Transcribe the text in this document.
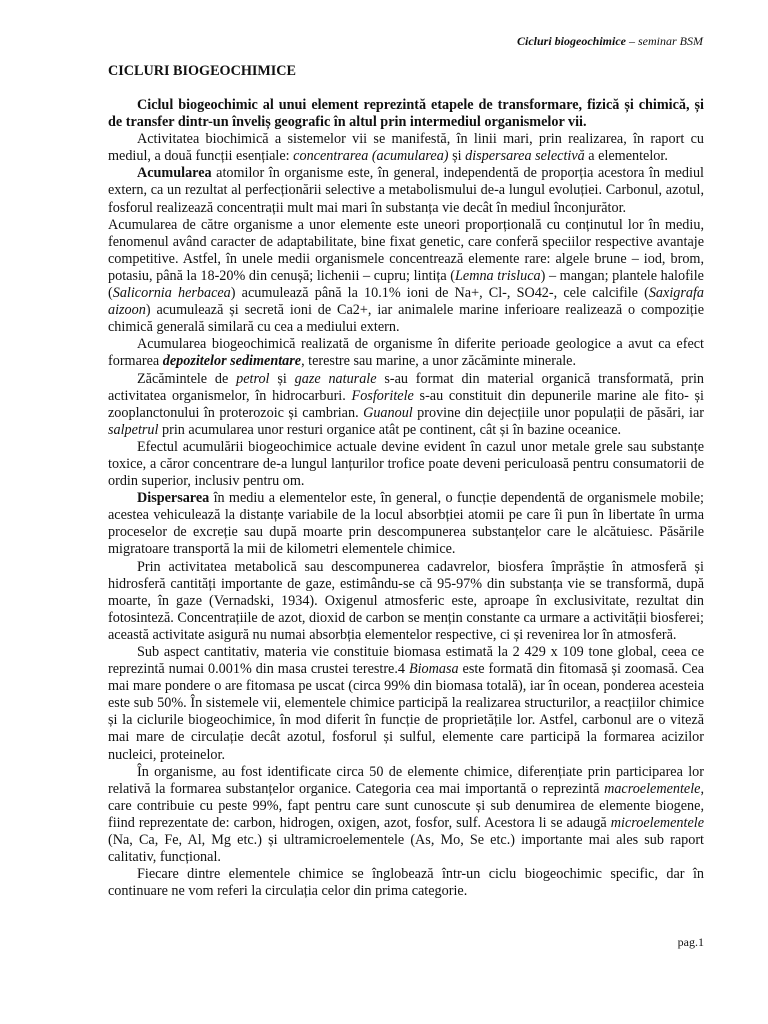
Cicluri biogeochimice – seminar BSM
CICLURI BIOGEOCHIMICE

Ciclul biogeochimic al unui element reprezintă etapele de transformare, fizică și chimică, și de transfer dintr-un înveliș geografic în altul prin intermediul organismelor vii.

Activitatea biochimică a sistemelor vii se manifestă, în linii mari, prin realizarea, în raport cu mediul, a două funcții esențiale: concentrarea (acumularea) și dispersarea selectivă a elementelor.

Acumularea atomilor în organisme este, în general, independentă de proporția acestora în mediul extern, ca un rezultat al perfecționării selective a metabolismului de-a lungul evoluției. Carbonul, azotul, fosforul realizează concentrații mult mai mari în substanța vie decât în mediul înconjurător.

Acumularea de către organisme a unor elemente este uneori proporțională cu conținutul lor în mediu, fenomenul având caracter de adaptabilitate, bine fixat genetic, care conferă speciilor respective avantaje competitive. Astfel, în unele medii organismele concentrează elemente rare: algele brune – iod, brom, potasiu, până la 18-20% din cenușă; lichenii – cupru; lintița (Lemna trisluca) – mangan; plantele halofile (Salicornia herbacea) acumulează până la 10.1% ioni de Na+, Cl-, SO42-, cele calcifile (Saxigrafa aizoon) acumulează și secretă ioni de Ca2+, iar animalele marine inferioare realizează o compoziție chimică generală similară cu cea a mediului extern.

Acumularea biogeochimică realizată de organisme în diferite perioade geologice a avut ca efect formarea depozitelor sedimentare, terestre sau marine, a unor zăcăminte minerale.

Zăcămintele de petrol și gaze naturale s-au format din material organică transformată, prin activitatea organismelor, în hidrocarburi. Fosforitele s-au constituit din depunerile marine ale fito- și zooplanctonului în proterozoic și cambrian. Guanoul provine din dejecțiile unor populații de păsări, iar salpetrul prin acumularea unor resturi organice atât pe continent, cât și în bazine oceanice.

Efectul acumulării biogeochimice actuale devine evident în cazul unor metale grele sau substanțe toxice, a căror concentrare de-a lungul lanțurilor trofice poate deveni periculoasă pentru consumatorii de ordin superior, inclusiv pentru om.

Dispersarea în mediu a elementelor este, în general, o funcție dependentă de organismele mobile; acestea vehiculează la distanțe variabile de la locul absorbției atomii pe care îi pun în libertate în urma proceselor de excreție sau după moarte prin descompunerea substanțelor care le alcătuiesc. Păsările migratoare transportă la mii de kilometri elementele chimice.

Prin activitatea metabolică sau descompunerea cadavrelor, biosfera împrăștie în atmosferă și hidrosferă cantități importante de gaze, estimându-se că 95-97% din substanța vie se transformă, după moarte, în gaze (Vernadski, 1934). Oxigenul atmosferic este, aproape în exclusivitate, rezultat din fotosinteză. Concentrațiile de azot, dioxid de carbon se mențin constante ca urmare a activității biosferei; această activitate asigură nu numai absorbția elementelor respective, ci și revenirea lor în atmosferă.

Sub aspect cantitativ, materia vie constituie biomasa estimată la 2 429 x 109 tone global, ceea ce reprezintă numai 0.001% din masa crustei terestre.4 Biomasa este formată din fitomasă și zoomasă. Cea mai mare pondere o are fitomasa pe uscat (circa 99% din biomasa totală), iar în ocean, ponderea acesteia este sub 50%. În sistemele vii, elementele chimice participă la realizarea structurilor, a reacțiilor chimice și la ciclurile biogeochimice, în mod diferit în funcție de proprietățile lor. Astfel, carbonul are o viteză mai mare de circulație decât azotul, fosforul și sulful, elemente care participă la formarea acizilor nucleici, proteinelor.

În organisme, au fost identificate circa 50 de elemente chimice, diferențiate prin participarea lor relativă la formarea substanțelor organice. Categoria cea mai importantă o reprezintă macroelementele, care contribuie cu peste 99%, fapt pentru care sunt cunoscute și sub denumirea de elemente biogene, fiind reprezentate de: carbon, hidrogen, oxigen, azot, fosfor, sulf. Acestora li se adaugă microelementele (Na, Ca, Fe, Al, Mg etc.) și ultramicroelementele (As, Mo, Se etc.) importante mai ales sub raport calitativ, funcțional.

Fiecare dintre elementele chimice se înglobează într-un ciclu biogeochimic specific, dar în continuare ne vom referi la circulația celor din prima categorie.

pag.1
